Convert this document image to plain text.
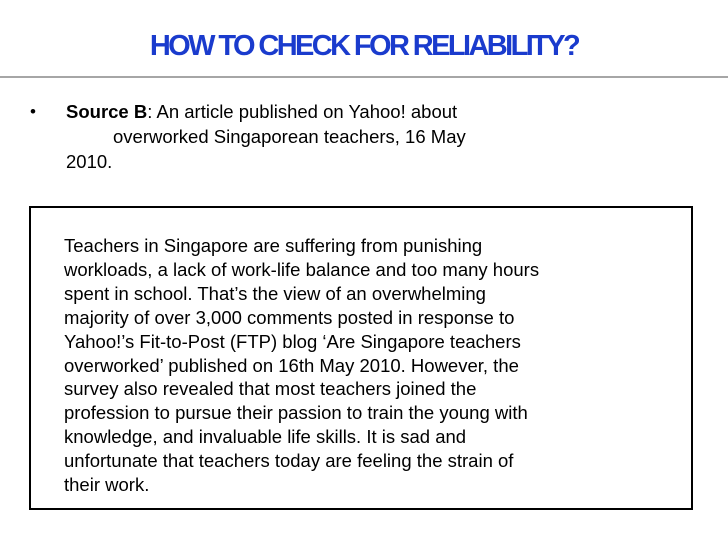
HOW TO CHECK FOR RELIABILITY?
• Source B: An article published on Yahoo! about
overworked Singaporean teachers, 16 May
2010.
Teachers in Singapore are suffering from punishing
workloads, a lack of work-life balance and too many hours
spent in school. That’s the view of an overwhelming
majority of over 3,000 comments posted in response to
Yahoo!’s Fit-to-Post (FTP) blog ‘Are Singapore teachers
overworked’ published on 16th May 2010. However, the
survey also revealed that most teachers joined the
profession to pursue their passion to train the young with
knowledge, and invaluable life skills. It is sad and
unfortunate that teachers today are feeling the strain of
their work.
